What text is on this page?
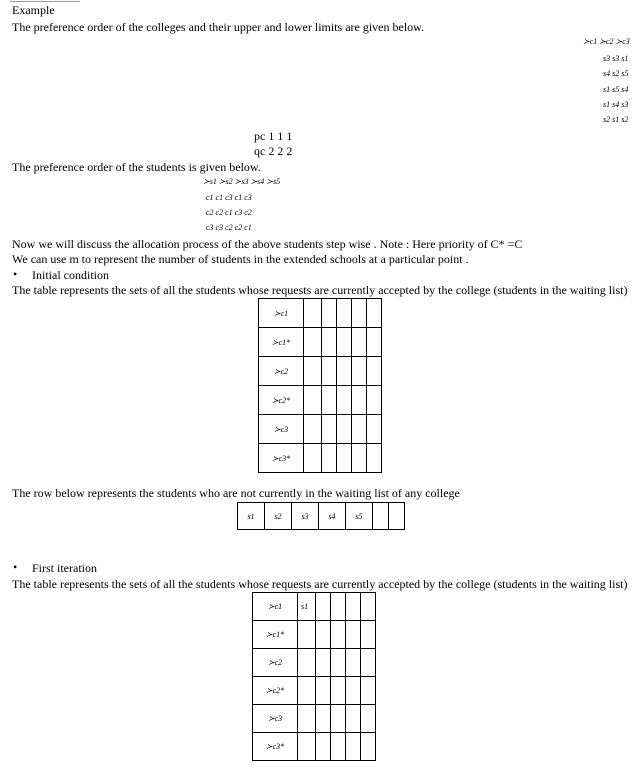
Example
The preference order of the colleges and their upper and lower limits are given below.
≻c1 ≻c2 ≻c3
s3 s3 s1
s4 s2 s5
s1 s5 s4
s1 s4 s3
s2 s1 s2
pc 1 1 1
qc 2 2 2
The preference order of the students is given below.
≻s1 ≻s2 ≻s3 ≻s4 ≻s5
c1 c1 c3 c1 c3
c2 c2 c1 c3 c2
c3 c3 c2 c2 c1
Now we will discuss the allocation process of the above students step wise . Note : Here priority of C* =C
We can use m to represent the number of students in the extended schools at a particular point .
• Initial condition
The table represents the sets of all the students whose requests are currently accepted by the college (students in the waiting list)
≻c1					
≻c1*					
≻c2					
≻c2*					
≻c3					
≻c3*					
The row below represents the students who are not currently in the waiting list of any college
s1	s2	s3	s4	s5		
• First iteration
The table represents the sets of all the students whose requests are currently accepted by the college (students in the waiting list)
≻c1	s1				
≻c1*					
≻c2					
≻c2*					
≻c3					
≻c3*					
